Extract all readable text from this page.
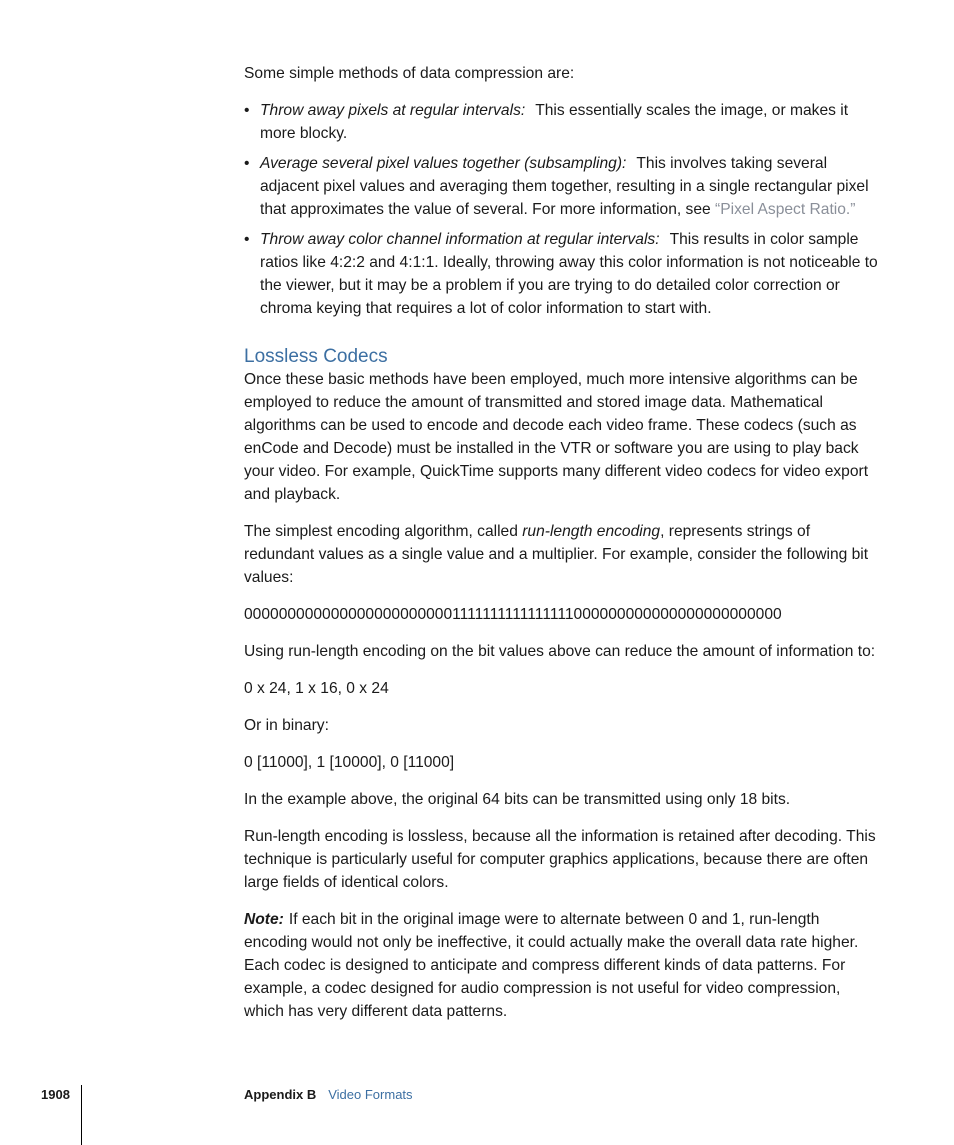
Some simple methods of data compression are:

• Throw away pixels at regular intervals: This essentially scales the image, or makes it more blocky.
• Average several pixel values together (subsampling): This involves taking several adjacent pixel values and averaging them together, resulting in a single rectangular pixel that approximates the value of several. For more information, see “Pixel Aspect Ratio.”
• Throw away color channel information at regular intervals: This results in color sample ratios like 4:2:2 and 4:1:1. Ideally, throwing away this color information is not noticeable to the viewer, but it may be a problem if you are trying to do detailed color correction or chroma keying that requires a lot of color information to start with.
Lossless Codecs

Once these basic methods have been employed, much more intensive algorithms can be employed to reduce the amount of transmitted and stored image data. Mathematical algorithms can be used to encode and decode each video frame. These codecs (such as enCode and Decode) must be installed in the VTR or software you are using to play back your video. For example, QuickTime supports many different video codecs for video export and playback.

The simplest encoding algorithm, called run-length encoding, represents strings of redundant values as a single value and a multiplier. For example, consider the following bit values:

0000000000000000000000001111111111111111000000000000000000000000

Using run-length encoding on the bit values above can reduce the amount of information to:

0 x 24, 1 x 16, 0 x 24

Or in binary:

0 [11000], 1 [10000], 0 [11000]

In the example above, the original 64 bits can be transmitted using only 18 bits.

Run-length encoding is lossless, because all the information is retained after decoding. This technique is particularly useful for computer graphics applications, because there are often large fields of identical colors.

Note: If each bit in the original image were to alternate between 0 and 1, run-length encoding would not only be ineffective, it could actually make the overall data rate higher. Each codec is designed to anticipate and compress different kinds of data patterns. For example, a codec designed for audio compression is not useful for video compression, which has very different data patterns.

1908	Appendix B Video Formats
